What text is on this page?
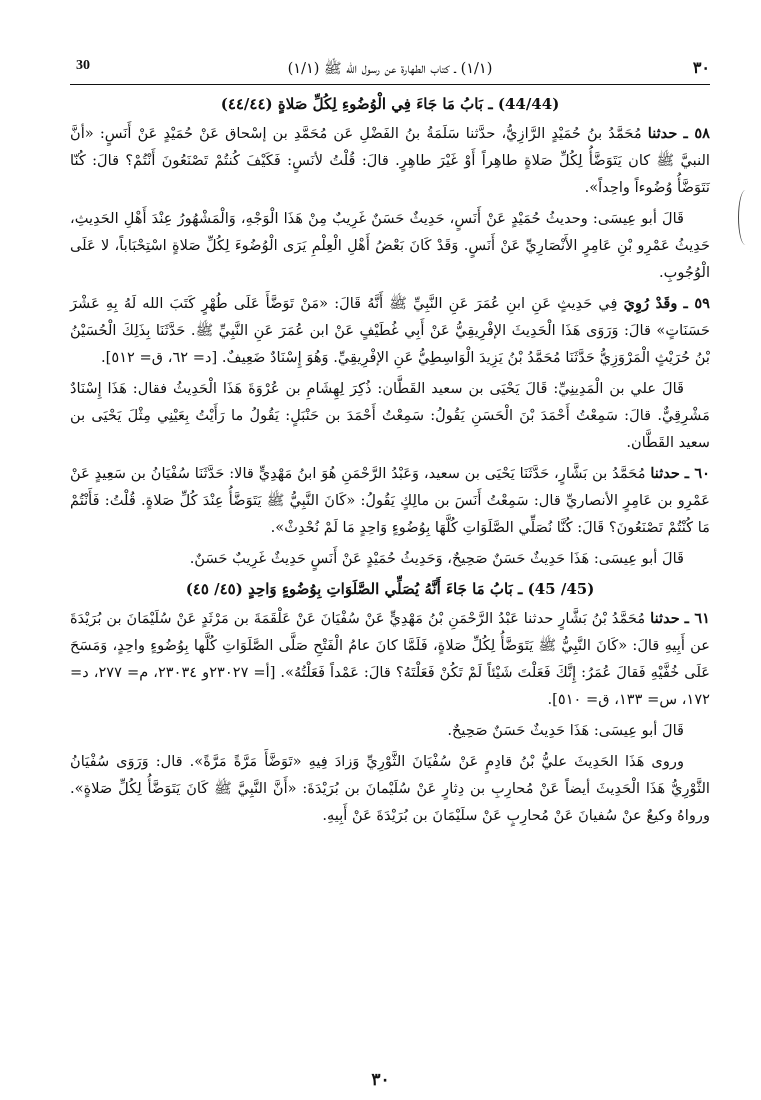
٣٠
(١/١) ـ كتاب الطهارة عن رسول الله ﷺ (١/١)
30
(44/44) ـ بَابُ مَا جَاءَ فِي الْوُضُوءِ لِكُلِّ صَلاةٍ (٤٤/٤٤)

٥٨ ـ حدثنا مُحَمَّدُ بنُ حُمَيْدٍ الرَّازِيُّ، حدَّثنا سَلَمَةُ بنُ الفَضْلِ عَن مُحَمَّدِ بن إسْحاق عَنْ حُمَيْدٍ عَنْ أَنَسٍ: «أنَّ النبيَّ ﷺ كان يَتَوَضَّأُ لِكُلِّ صَلاةٍ طاهِراً أَوْ غَيْرَ طاهِرٍ. قالَ: قُلْتُ لأنَسٍ: فَكَيْفَ كُنتُمْ تَصْنَعُونَ أَنْتُمْ؟ قالَ: كُنّا نَتَوَضَّأُ وُضُوءاً واحِداً».

قَالَ أبو عِيسَى: وحديثُ حُمَيْدٍ عَنْ أَنَسٍ، حَدِيثٌ حَسَنٌ غَرِيبٌ مِنْ هَذَا الْوَجْهِ، وَالْمَشْهُورُ عِنْدَ أَهْلِ الحَدِيثِ، حَدِيثُ عَمْرِو بْنِ عَامِرٍ الأَنْصَارِيِّ عَنْ أَنَسٍ. وَقَدْ كَانَ بَعْضُ أَهْلِ الْعِلْمِ يَرَى الْوُضُوءَ لِكُلِّ صَلاةٍ اسْتِحْبَاباً، لا عَلَى الْوُجُوبِ.

٥٩ ـ وقَدْ رُوِيَ فِي حَدِيثٍ عَنِ ابنِ عُمَرَ عَنِ النَّبِيِّ ﷺ أَنَّهُ قَالَ: «مَنْ تَوَضَّأَ عَلَى طُهْرٍ كَتَبَ الله لَهُ بِهِ عَشْرَ حَسَنَاتٍ» قالَ: وَرَوَى هَذَا الْحَدِيثَ الإفْرِيقِيُّ عَنْ أَبِي غُطَيْفٍ عَنْ ابن عُمَرَ عَنِ النَّبِيِّ ﷺ. حَدَّثَنَا بِذَلِكَ الْحُسَيْنُ بْنُ حُرَيْثٍ الْمَرْوَزِيُّ حَدَّثَنَا مُحَمَّدُ بْنُ يَزِيدَ الْوَاسِطِيُّ عَنِ الإفْرِيقِيِّ. وَهُوَ إِسْنَادٌ ضَعِيفٌ. [د= ٦٢، ق= ٥١٢].

قَالَ علي بن الْمَدِينِيِّ: قَالَ يَحْيَى بن سعيد القَطَّان: ذُكِرَ لِهِشَامِ بن عُرْوَةَ هَذَا الْحَدِيثُ فقال: هَذَا إِسْنَادٌ مَشْرِقِيٌّ. قالَ: سَمِعْتُ أَحْمَدَ بْنَ الْحَسَنِ يَقُولُ: سَمِعْتُ أَحْمَدَ بن حَنْبَلٍ: يَقُولُ ما رَأَيْتُ بِعَيْنِي مِثْلَ يَحْيَى بن سعيد القَطَّان.

٦٠ ـ حدثنا مُحَمَّدُ بن بَشَّارٍ، حَدَّثَنَا يَحْيَى بن سعيد، وَعَبْدُ الرَّحْمَنِ هُوَ ابنُ مَهْدِيٍّ قالا: حَدَّثَنَا سُفْيَانُ بن سَعِيدٍ عَنْ عَمْرِو بن عَامِرٍ الأنصاريِّ قال: سَمِعْتُ أَنَسَ بن مالِكٍ يَقُولُ: «كَانَ النَّبِيُّ ﷺ يَتَوَضَّأُ عِنْدَ كُلِّ صَلاةٍ. قُلْتُ: فَأَنْتُمْ مَا كُنْتُمْ تَصْنَعُونَ؟ قَالَ: كُنَّا نُصَلِّي الصَّلَوَاتِ كُلَّهَا بِوُضُوءٍ وَاحِدٍ مَا لَمْ نُحْدِثْ».

قَالَ أبو عِيسَى: هَذَا حَدِيثٌ حَسَنٌ صَحِيحٌ، وَحَدِيثُ حُمَيْدٍ عَنْ أَنَسٍ حَدِيثٌ غَرِيبٌ حَسَنٌ.

(45/ 45) ـ بَابُ مَا جَاءَ أَنَّهُ يُصَلِّي الصَّلَوَاتِ بِوُضُوءٍ وَاحِدٍ (٤٥/ ٤٥)

٦١ ـ حدثنا مُحَمَّدُ بْنُ بَشَّارٍ حدثنا عَبْدُ الرَّحْمَنِ بْنُ مَهْدِيٍّ عَنْ سُفْيَانَ عَنْ عَلْقَمَةَ بن مَرْثَدٍ عَنْ سُلَيْمَانَ بن بُرَيْدَةَ عن أَبِيهِ قالَ: «كَانَ النَّبِيُّ ﷺ يَتَوَضَّأُ لِكُلِّ صَلاةٍ، فَلَمَّا كانَ عامُ الْفَتْحِ صَلَّى الصَّلَوَاتِ كُلَّها بِوُضُوءٍ واحِدٍ، وَمَسَحَ عَلَى خُفَّيْهِ فَقالَ عُمَرُ: إِنَّكَ فَعَلْتَ شَيْئاً لَمْ تَكُنْ فَعَلْتَهُ؟ قالَ: عَمْداً فَعَلْتُهُ». [أ= ٢٣٠٢٧و ٢٣٠٣٤، م= ٢٧٧، د= ١٧٢، س= ١٣٣، ق= ٥١٠].

قَالَ أبو عِيسَى: هَذَا حَدِيثٌ حَسَنٌ صَحِيحٌ.

وروى هَذَا الحَدِيثَ عليُّ بْنُ قادِمٍ عَنْ سُفْيَانَ الثَّوْرِيِّ وَزادَ فِيهِ «تَوَضَّأَ مَرَّةً مَرَّةً». قال: وَرَوَى سُفْيَانُ الثَّوْرِيُّ هَذَا الْحَدِيثَ أيضاً عَنْ مُحارِبِ بن دِثارٍ عَنْ سُلَيْمانَ بن بُرَيْدَةَ: «أَنَّ النَّبِيَّ ﷺ كَانَ يَتَوَضَّأُ لِكُلِّ صَلاةٍ». ورواهُ وكيعٌ عنْ سُفيانَ عَنْ مُحارِبٍ عَنْ سلَيْمَانَ بن بُرَيْدَةَ عَنْ أَبِيهِ.

٣٠
